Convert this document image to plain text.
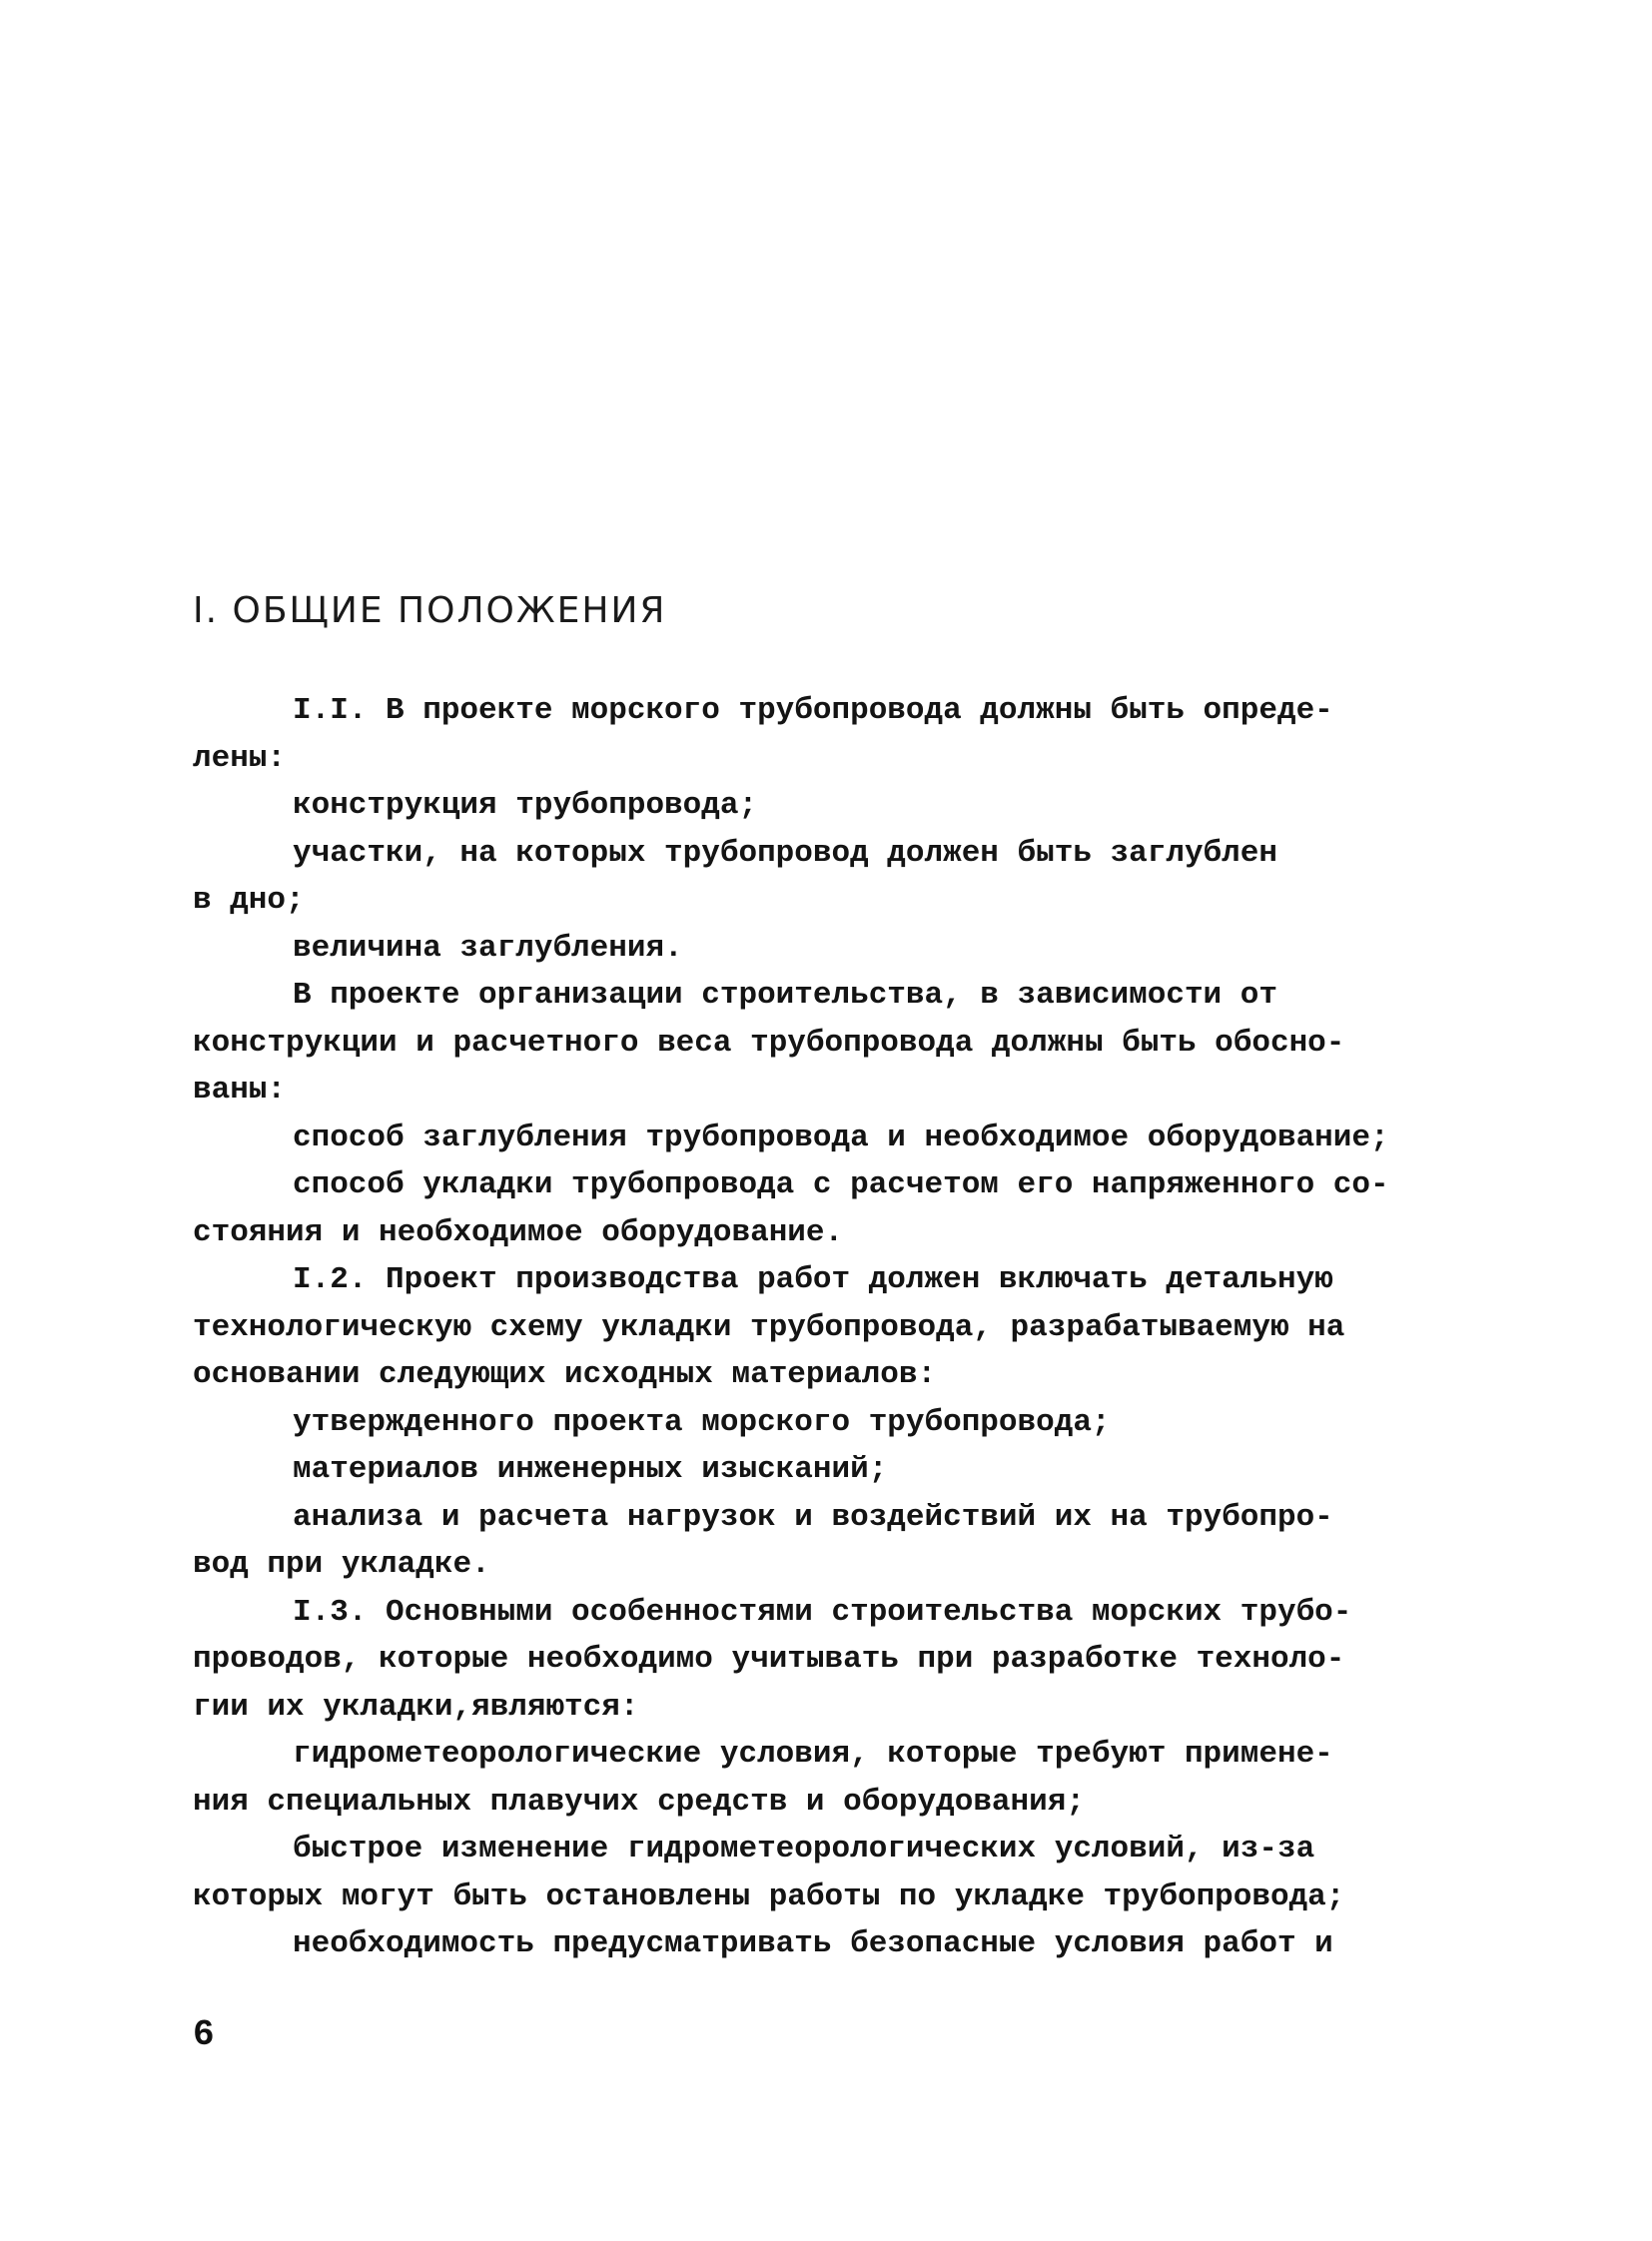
I. ОБЩИЕ ПОЛОЖЕНИЯ
I.I. В проекте морского трубопровода должны быть опреде-
лены:
конструкция трубопровода;
участки, на которых трубопровод должен быть заглублен
в дно;
величина заглубления.
В проекте организации строительства, в зависимости от
конструкции и расчетного веса трубопровода должны быть обосно-
ваны:
способ заглубления трубопровода и необходимое оборудование;
способ укладки трубопровода с расчетом его напряженного со-
стояния и необходимое оборудование.
I.2. Проект производства работ должен включать детальную
технологическую схему укладки трубопровода, разрабатываемую на
основании следующих исходных материалов:
утвержденного проекта морского трубопровода;
материалов инженерных изысканий;
анализа и расчета нагрузок и воздействий их на трубопро-
вод при укладке.
I.3. Основными особенностями строительства морских трубо-
проводов, которые необходимо учитывать при разработке техноло-
гии их укладки,являются:
гидрометеорологические условия, которые требуют примене-
ния специальных плавучих средств и оборудования;
быстрое изменение гидрометеорологических условий, из-за
которых могут быть остановлены работы по укладке трубопровода;
необходимость предусматривать безопасные условия работ и
6
